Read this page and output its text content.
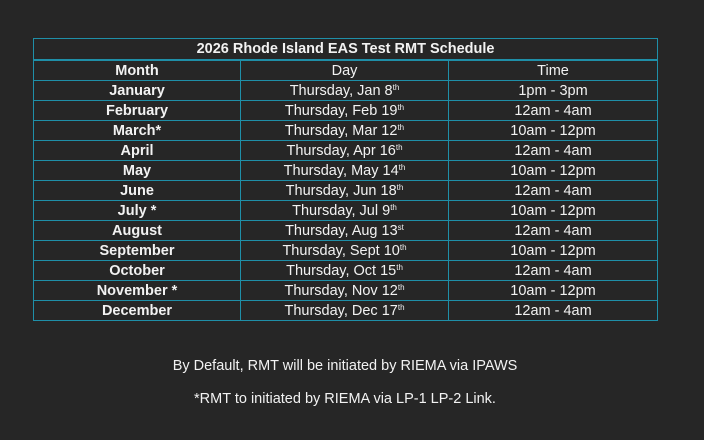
2026 Rhode Island EAS Test RMT Schedule		
Month	Day	Time
January	Thursday, Jan 8th	1pm - 3pm
February	Thursday, Feb 19th	12am - 4am
March*	Thursday, Mar 12th	10am - 12pm
April	Thursday, Apr 16th	12am - 4am
May	Thursday, May 14th	10am - 12pm
June	Thursday, Jun 18th	12am - 4am
July *	Thursday, Jul 9th	10am - 12pm
August	Thursday, Aug 13st	12am - 4am
September	Thursday, Sept 10th	10am - 12pm
October	Thursday, Oct 15th	12am - 4am
November *	Thursday, Nov 12th	10am - 12pm
December	Thursday, Dec 17th	12am - 4am
By Default, RMT will be initiated by RIEMA via IPAWS
*RMT to initiated by RIEMA via LP-1 LP-2 Link.
